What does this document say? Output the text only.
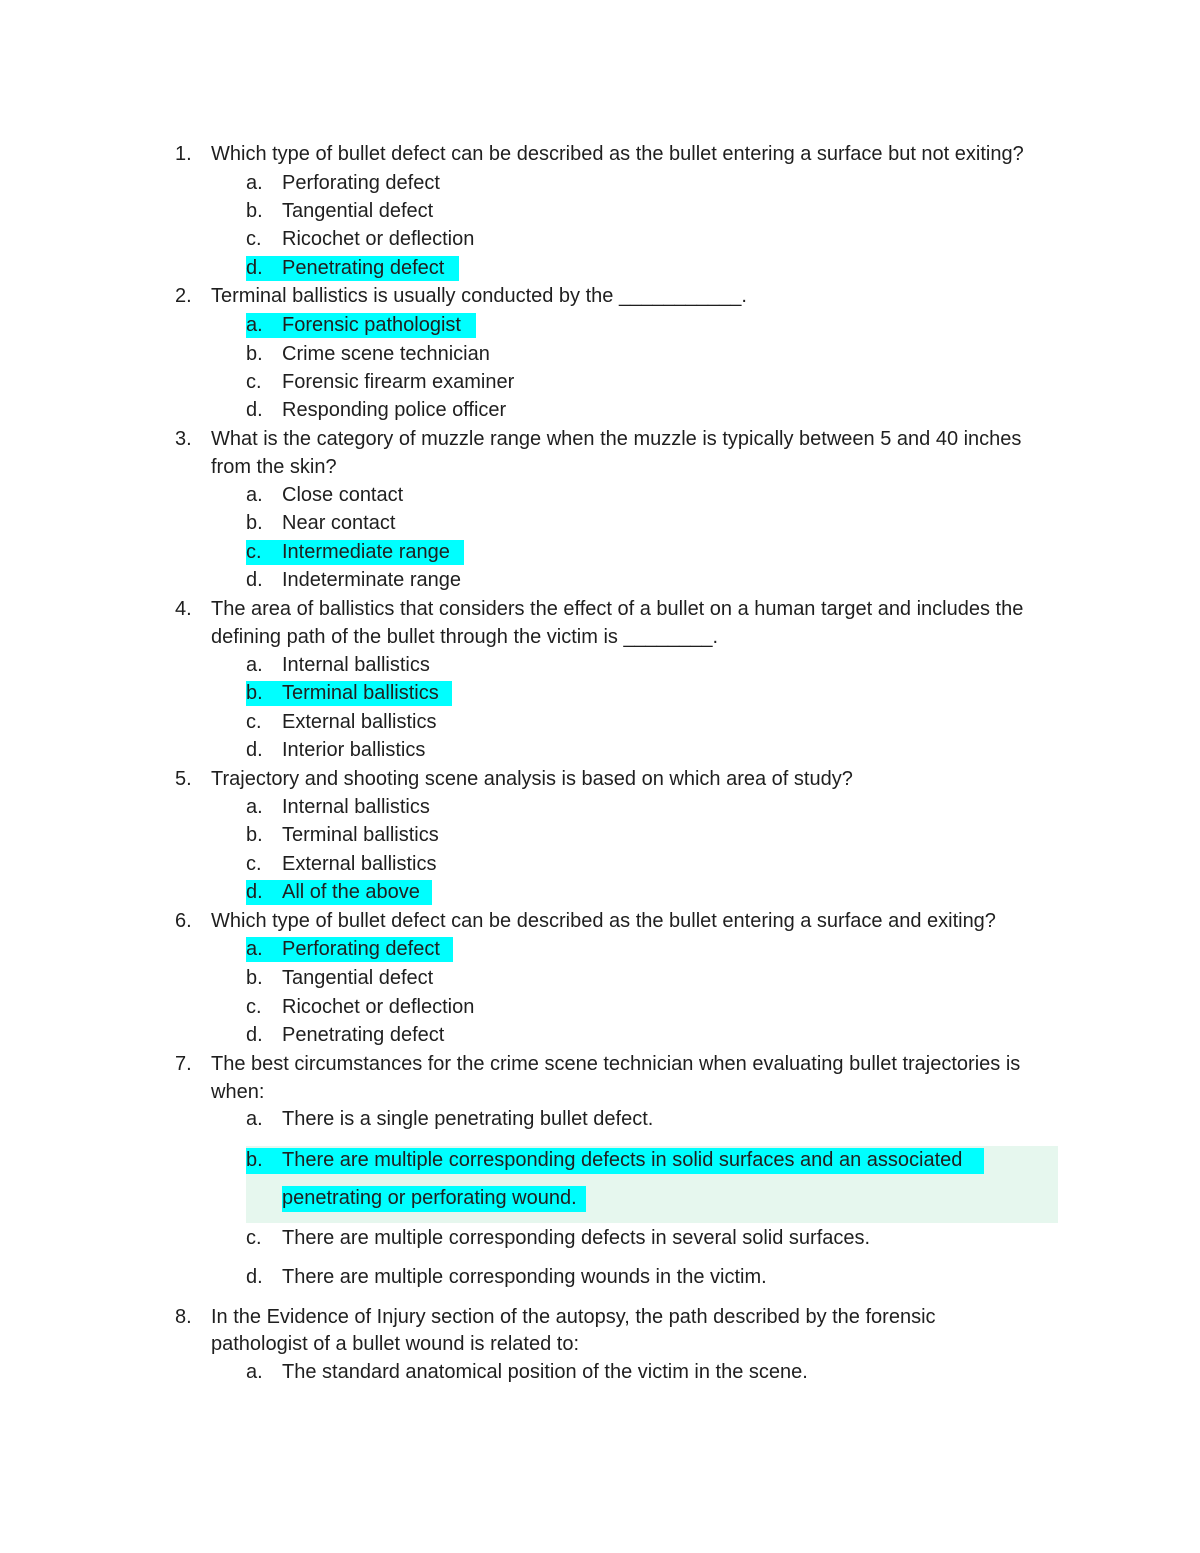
1. Which type of bullet defect can be described as the bullet entering a surface but not exiting?
a. Perforating defect
b. Tangential defect
c. Ricochet or deflection
d. Penetrating defect
2. Terminal ballistics is usually conducted by the ___________.
a. Forensic pathologist
b. Crime scene technician
c. Forensic firearm examiner
d. Responding police officer
3. What is the category of muzzle range when the muzzle is typically between 5 and 40 inches
from the skin?
a. Close contact
b. Near contact
c. Intermediate range
d. Indeterminate range
4. The area of ballistics that considers the effect of a bullet on a human target and includes the
defining path of the bullet through the victim is ________.
a. Internal ballistics
b. Terminal ballistics
c. External ballistics
d. Interior ballistics
5. Trajectory and shooting scene analysis is based on which area of study?
a. Internal ballistics
b. Terminal ballistics
c. External ballistics
d. All of the above
6. Which type of bullet defect can be described as the bullet entering a surface and exiting?
a. Perforating defect
b. Tangential defect
c. Ricochet or deflection
d. Penetrating defect
7. The best circumstances for the crime scene technician when evaluating bullet trajectories is
when:
a. There is a single penetrating bullet defect.
b. There are multiple corresponding defects in solid surfaces and an associated
penetrating or perforating wound.
c. There are multiple corresponding defects in several solid surfaces.
d. There are multiple corresponding wounds in the victim.
8. In the Evidence of Injury section of the autopsy, the path described by the forensic
pathologist of a bullet wound is related to:
a. The standard anatomical position of the victim in the scene.
